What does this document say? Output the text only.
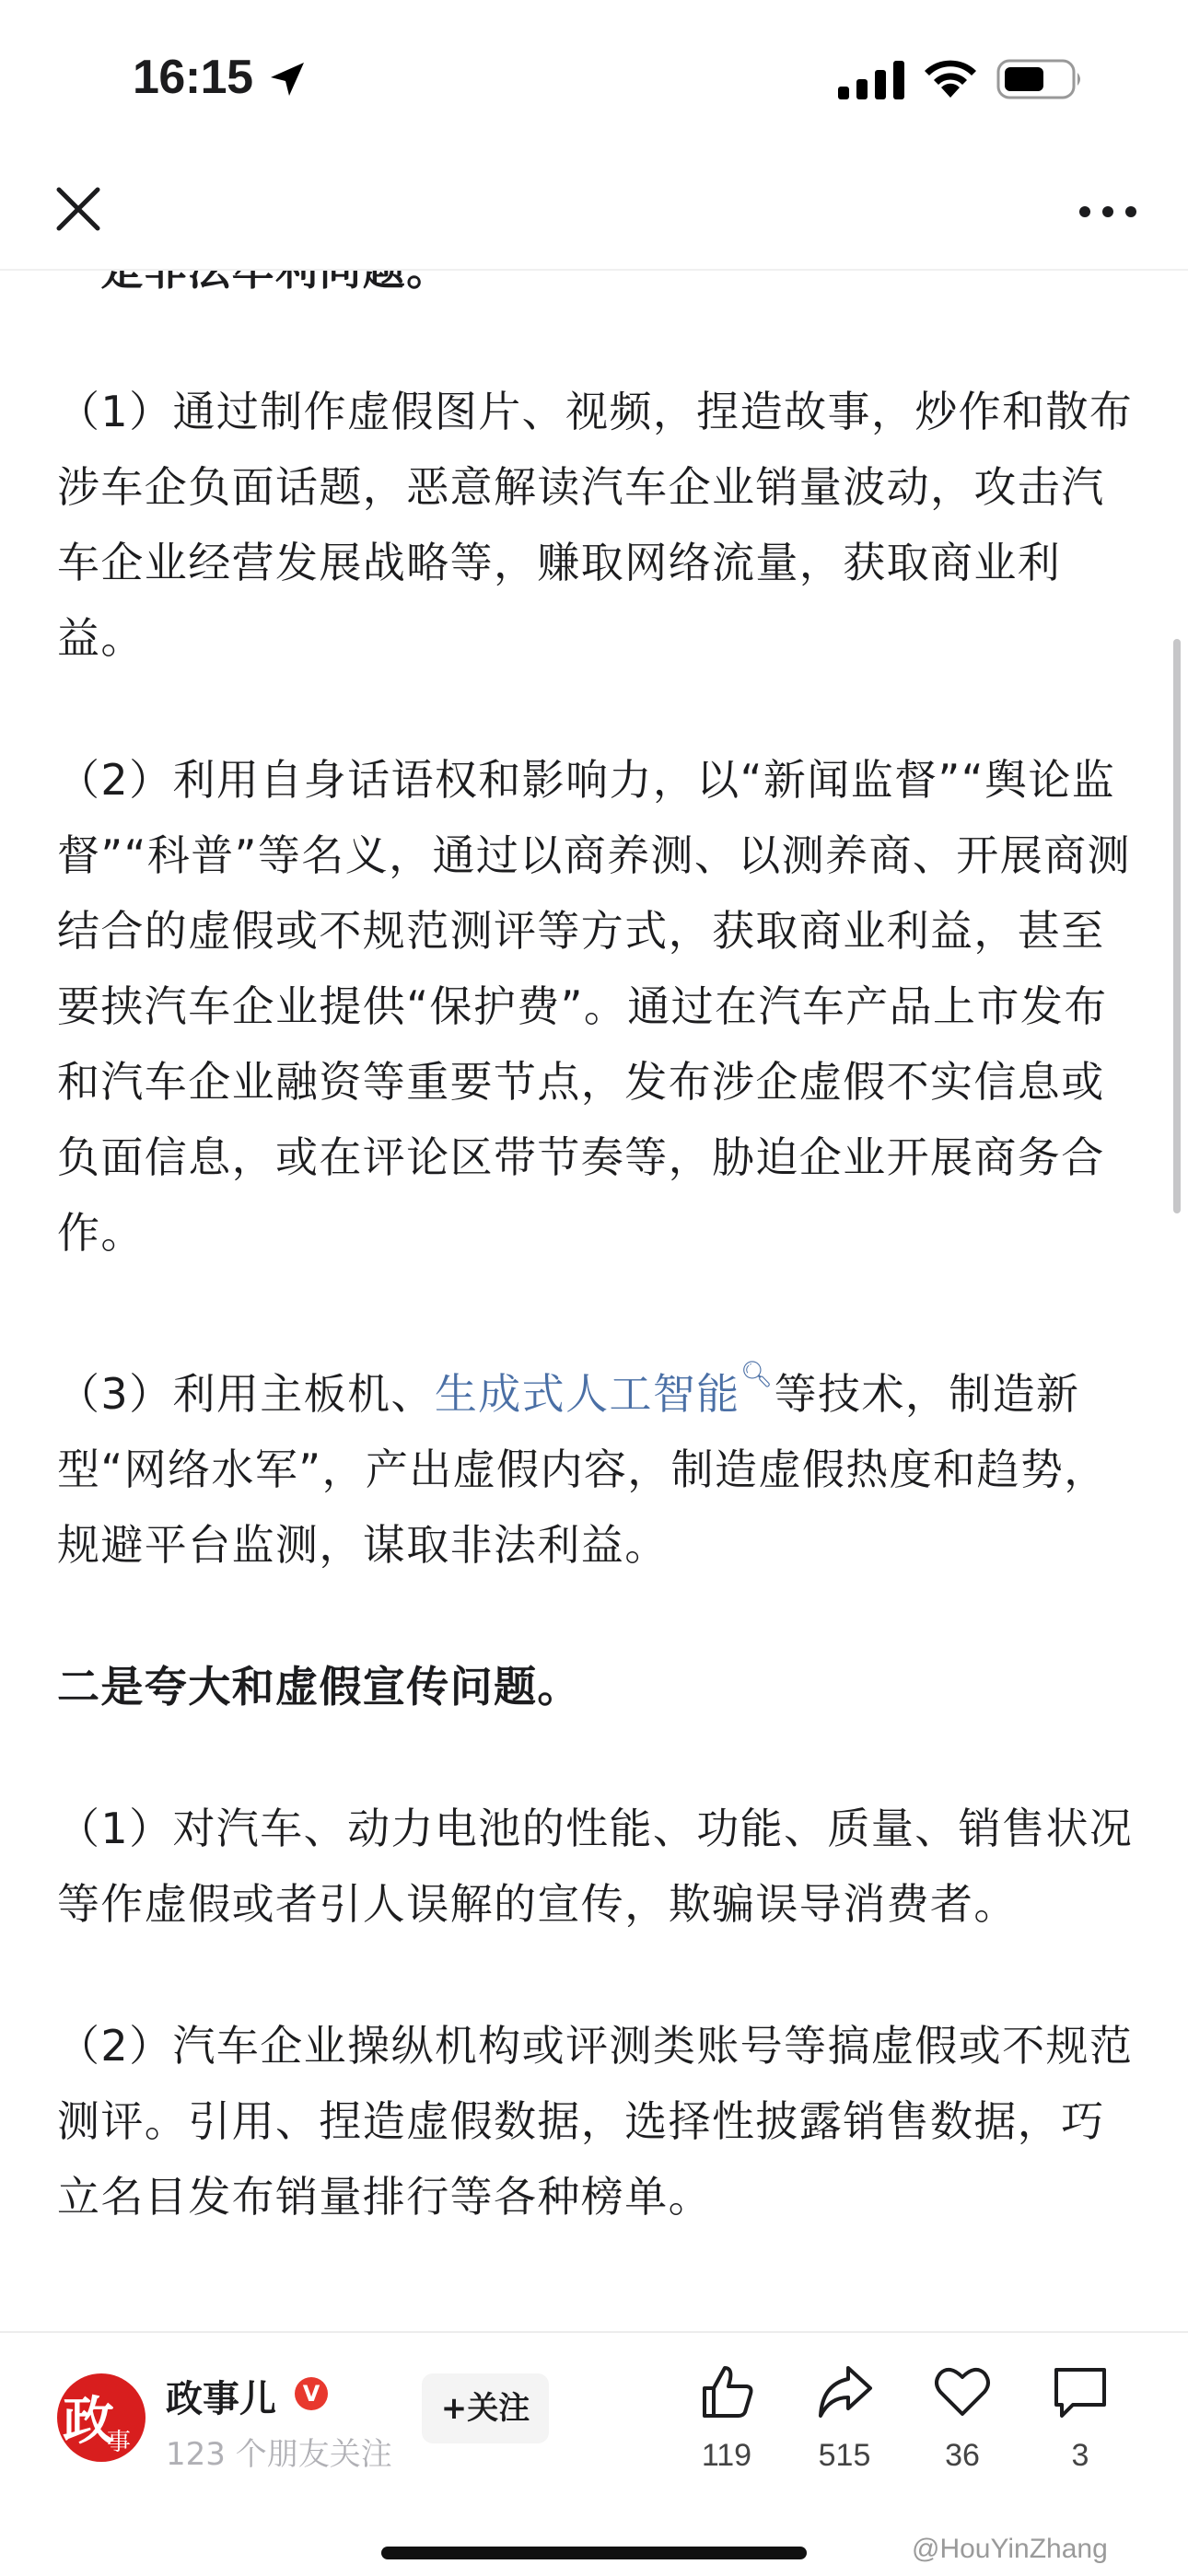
16:15

（1）通过制作虚假图片、视频，捏造故事，炒作和散布涉车企负面话题，恶意解读汽车企业销量波动，攻击汽车企业经营发展战略等，赚取网络流量，获取商业利益。

（2）利用自身话语权和影响力，以“新闻监督”“舆论监督”“科普”等名义，通过以商养测、以测养商、开展商测结合的虚假或不规范测评等方式，获取商业利益，甚至要挟汽车企业提供“保护费”。通过在汽车产品上市发布和汽车企业融资等重要节点，发布涉企虚假不实信息或负面信息，或在评论区带节奏等，胁迫企业开展商务合作。

（3）利用主板机、生成式人工智能🔍︎等技术，制造新型“网络水军”，产出虚假内容，制造虚假热度和趋势，规避平台监测，谋取非法利益。

二是夸大和虚假宣传问题。

（1）对汽车、动力电池的性能、功能、质量、销售状况等作虚假或者引人误解的宣传，欺骗误导消费者。

（2）汽车企业操纵机构或评测类账号等搞虚假或不规范测评。引用、捏造虚假数据，选择性披露销售数据，巧立名目发布销量排行等各种榜单。

政
事儿
政事儿	V
123 个朋友关注
+关注
119	515	36	3
@HouYinZhang
